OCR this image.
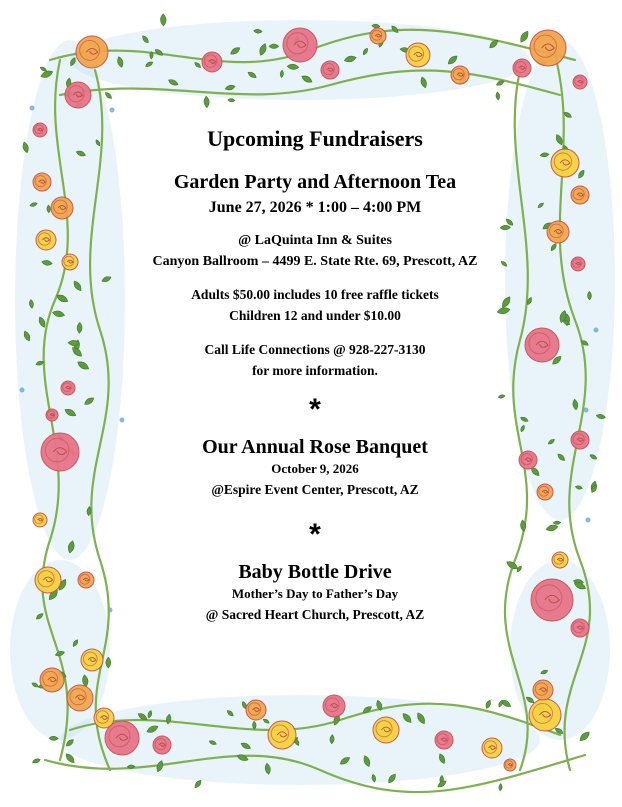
Upcoming Fundraisers
Garden Party and Afternoon Tea
June 27, 2026 * 1:00 – 4:00 PM
@ LaQuinta Inn & Suites
Canyon Ballroom – 4499 E. State Rte. 69, Prescott, AZ
Adults $50.00 includes 10 free raffle tickets
Children 12 and under $10.00
Call Life Connections @ 928-227-3130
for more information.
*
Our Annual Rose Banquet
October 9, 2026
@Espire Event Center, Prescott, AZ
*
Baby Bottle Drive
Mother’s Day to Father’s Day
@ Sacred Heart Church, Prescott, AZ
